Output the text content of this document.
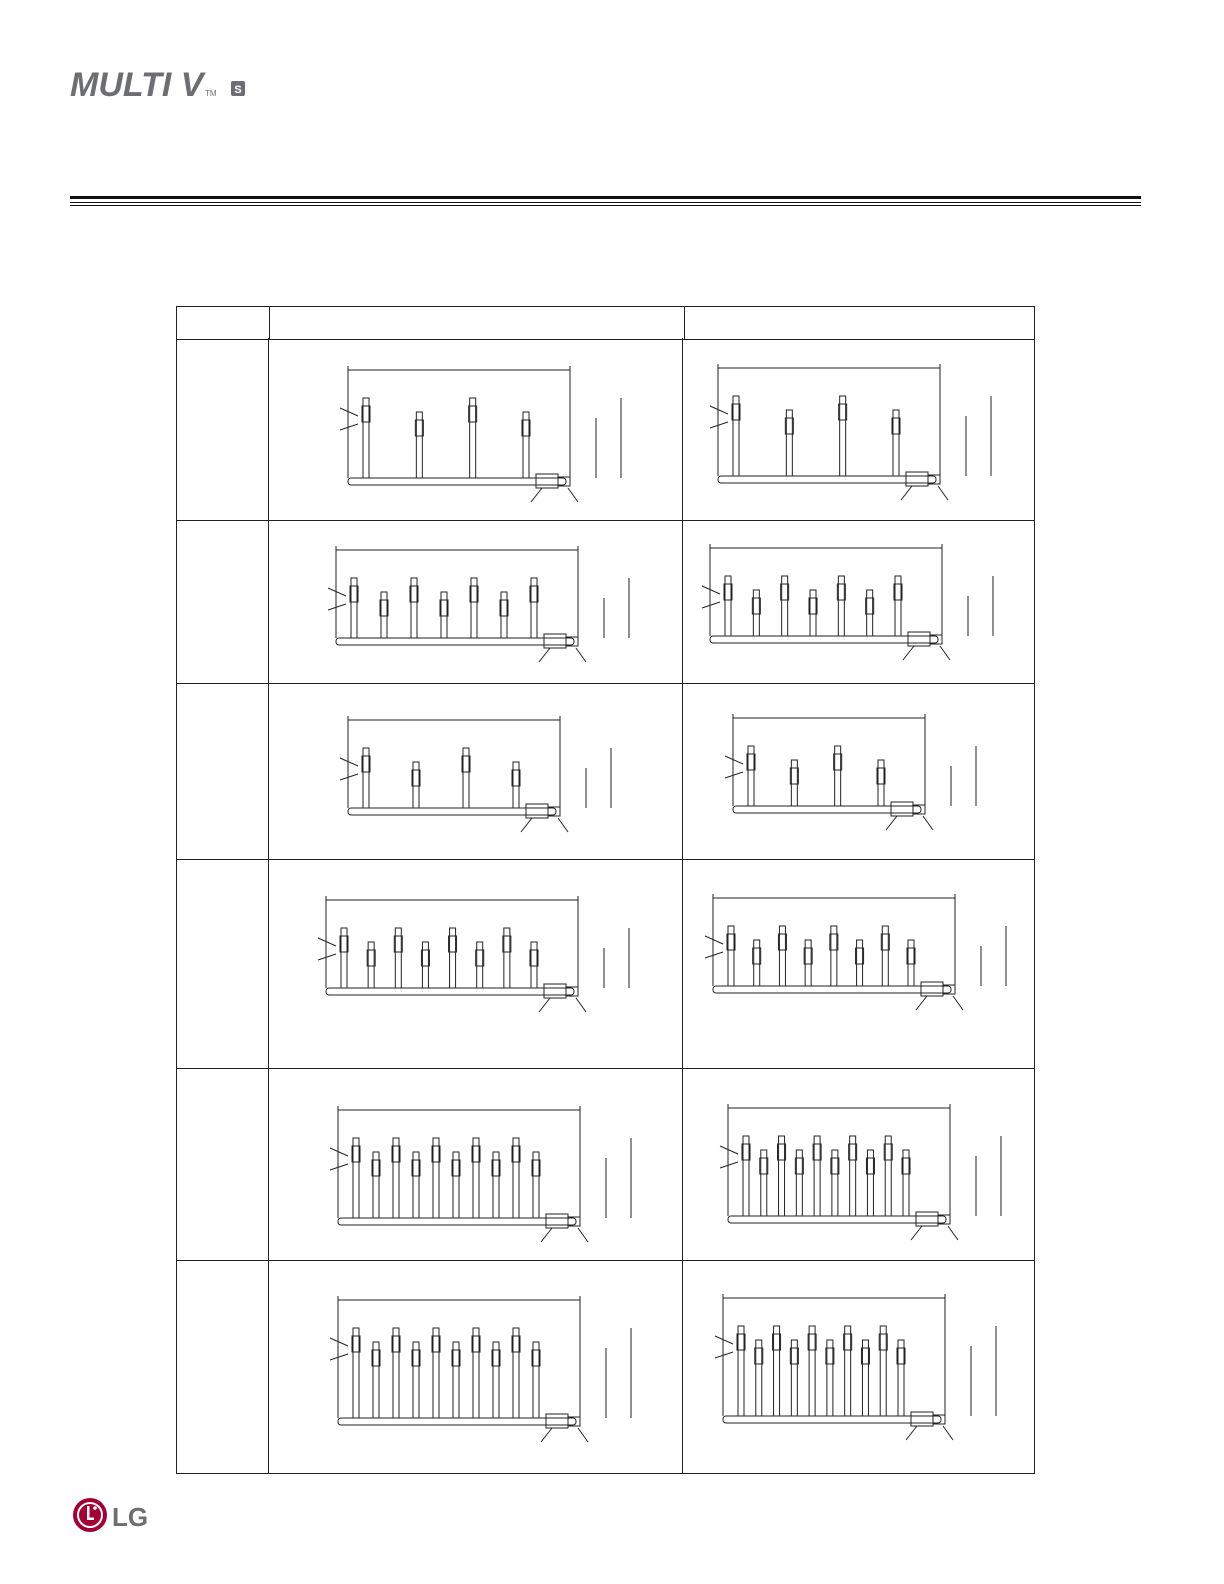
MULTI V TM S

LG
